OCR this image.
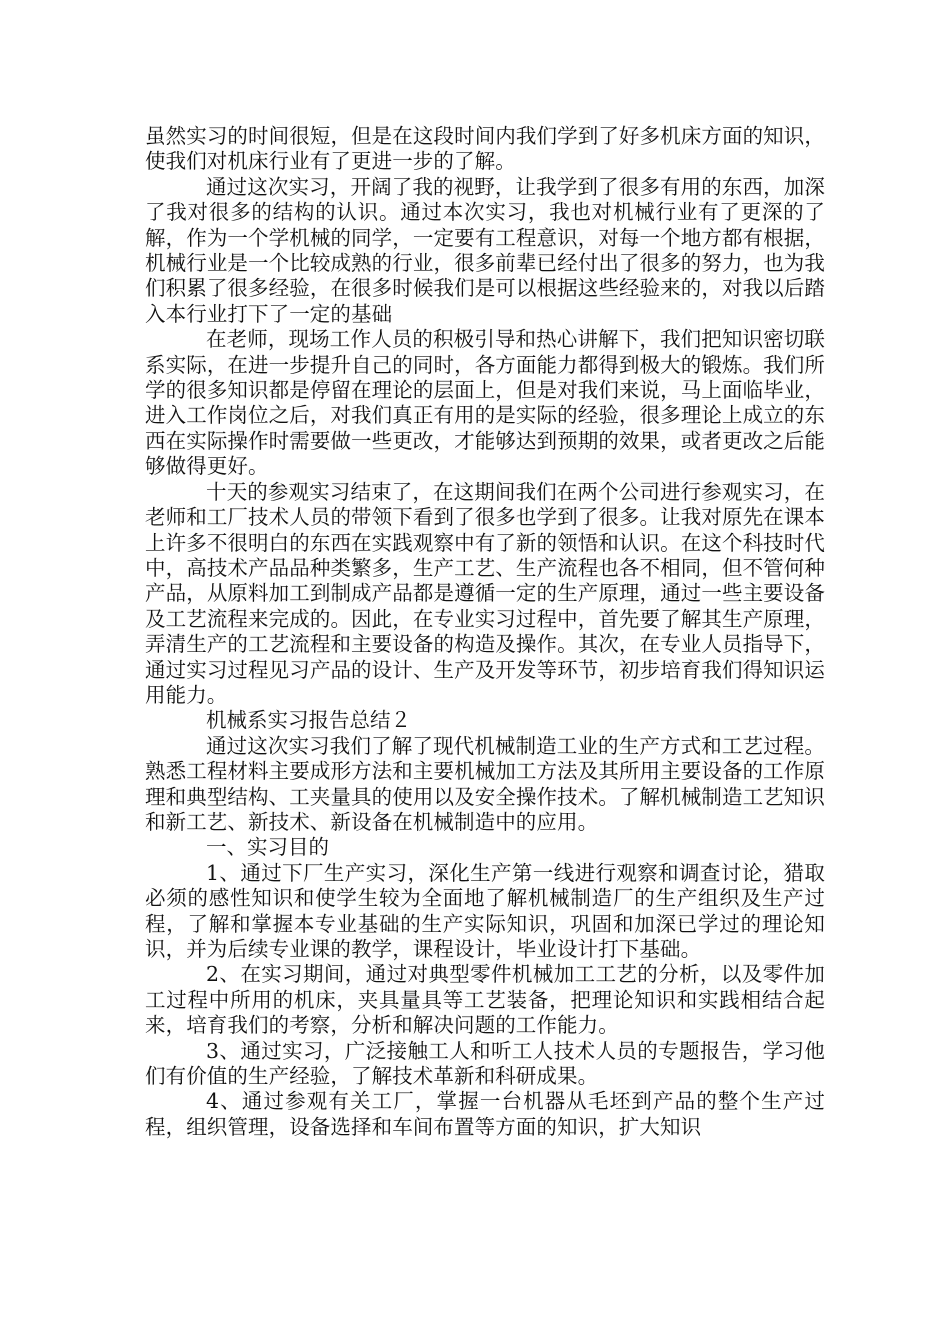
虽然实习的时间很短，但是在这段时间内我们学到了好多机床方面的知识，使我们对机床行业有了更进一步的了解。

通过这次实习，开阔了我的视野，让我学到了很多有用的东西，加深了我对很多的结构的认识。通过本次实习，我也对机械行业有了更深的了解，作为一个学机械的同学，一定要有工程意识，对每一个地方都有根据，机械行业是一个比较成熟的行业，很多前辈已经付出了很多的努力，也为我们积累了很多经验，在很多时候我们是可以根据这些经验来的，对我以后踏入本行业打下了一定的基础

在老师，现场工作人员的积极引导和热心讲解下，我们把知识密切联系实际，在进一步提升自己的同时，各方面能力都得到极大的锻炼。我们所学的很多知识都是停留在理论的层面上，但是对我们来说，马上面临毕业，进入工作岗位之后，对我们真正有用的是实际的经验，很多理论上成立的东西在实际操作时需要做一些更改，才能够达到预期的效果，或者更改之后能够做得更好。

十天的参观实习结束了，在这期间我们在两个公司进行参观实习，在老师和工厂技术人员的带领下看到了很多也学到了很多。让我对原先在课本上许多不很明白的东西在实践观察中有了新的领悟和认识。在这个科技时代中，高技术产品品种类繁多，生产工艺、生产流程也各不相同，但不管何种产品，从原料加工到制成产品都是遵循一定的生产原理，通过一些主要设备及工艺流程来完成的。因此，在专业实习过程中，首先要了解其生产原理，弄清生产的工艺流程和主要设备的构造及操作。其次，在专业人员指导下，通过实习过程见习产品的设计、生产及开发等环节，初步培育我们得知识运用能力。

机械系实习报告总结２

通过这次实习我们了解了现代机械制造工业的生产方式和工艺过程。熟悉工程材料主要成形方法和主要机械加工方法及其所用主要设备的工作原理和典型结构、工夹量具的使用以及安全操作技术。了解机械制造工艺知识和新工艺、新技术、新设备在机械制造中的应用。

一、实习目的

1、通过下厂生产实习，深化生产第一线进行观察和调查讨论，猎取必须的感性知识和使学生较为全面地了解机械制造厂的生产组织及生产过程，了解和掌握本专业基础的生产实际知识，巩固和加深已学过的理论知识，并为后续专业课的教学，课程设计，毕业设计打下基础。

2、在实习期间，通过对典型零件机械加工工艺的分析，以及零件加工过程中所用的机床，夹具量具等工艺装备，把理论知识和实践相结合起来，培育我们的考察，分析和解决问题的工作能力。

3、通过实习，广泛接触工人和听工人技术人员的专题报告，学习他们有价值的生产经验，了解技术革新和科研成果。

4、通过参观有关工厂，掌握一台机器从毛坯到产品的整个生产过程，组织管理，设备选择和车间布置等方面的知识，扩大知识
